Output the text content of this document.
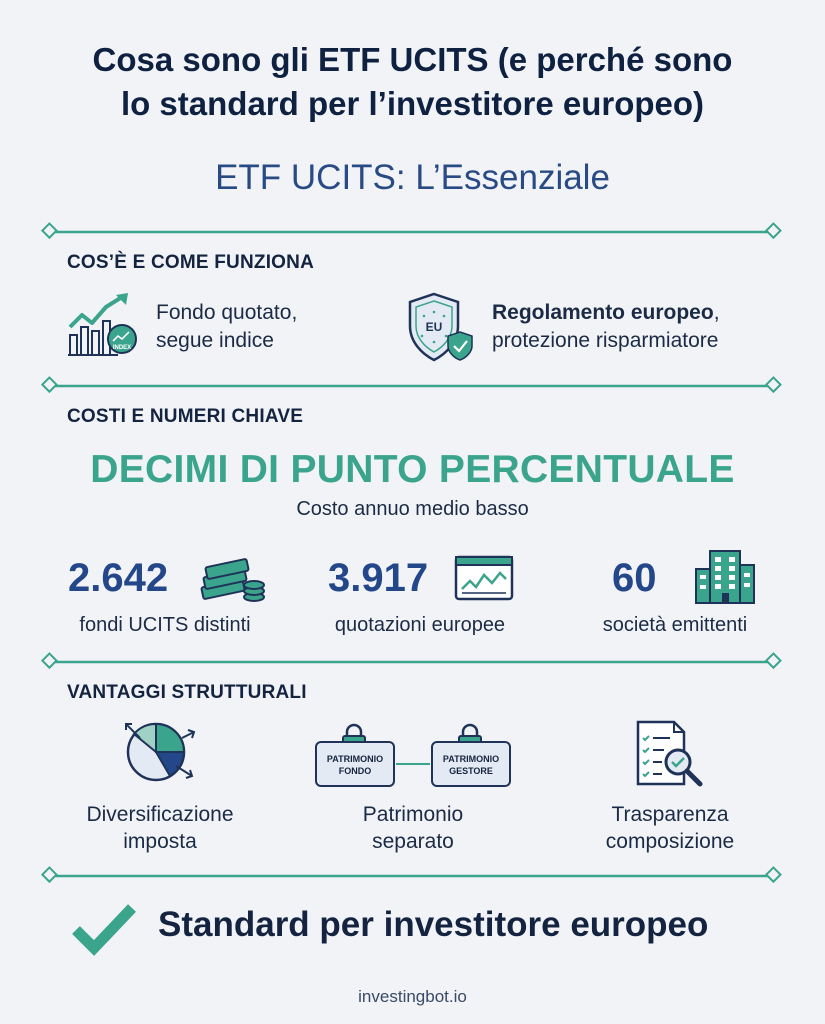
Cosa sono gli ETF UCITS (e perché sono
lo standard per l’investitore europeo)
ETF UCITS: L’Essenziale
COS’È E COME FUNZIONA
INDEX
Fondo quotato,
segue indice
EU
Regolamento europeo,
protezione risparmiatore
COSTI E NUMERI CHIAVE
DECIMI DI PUNTO PERCENTUALE
Costo annuo medio basso
2.642
fondi UCITS distinti
3.917
quotazioni europee
60
società emittenti
VANTAGGI STRUTTURALI
Diversificazione
imposta
PATRIMONIO
FONDO
PATRIMONIO
GESTORE
Patrimonio
separato
Trasparenza
composizione
Standard per investitore europeo
investingbot.io
